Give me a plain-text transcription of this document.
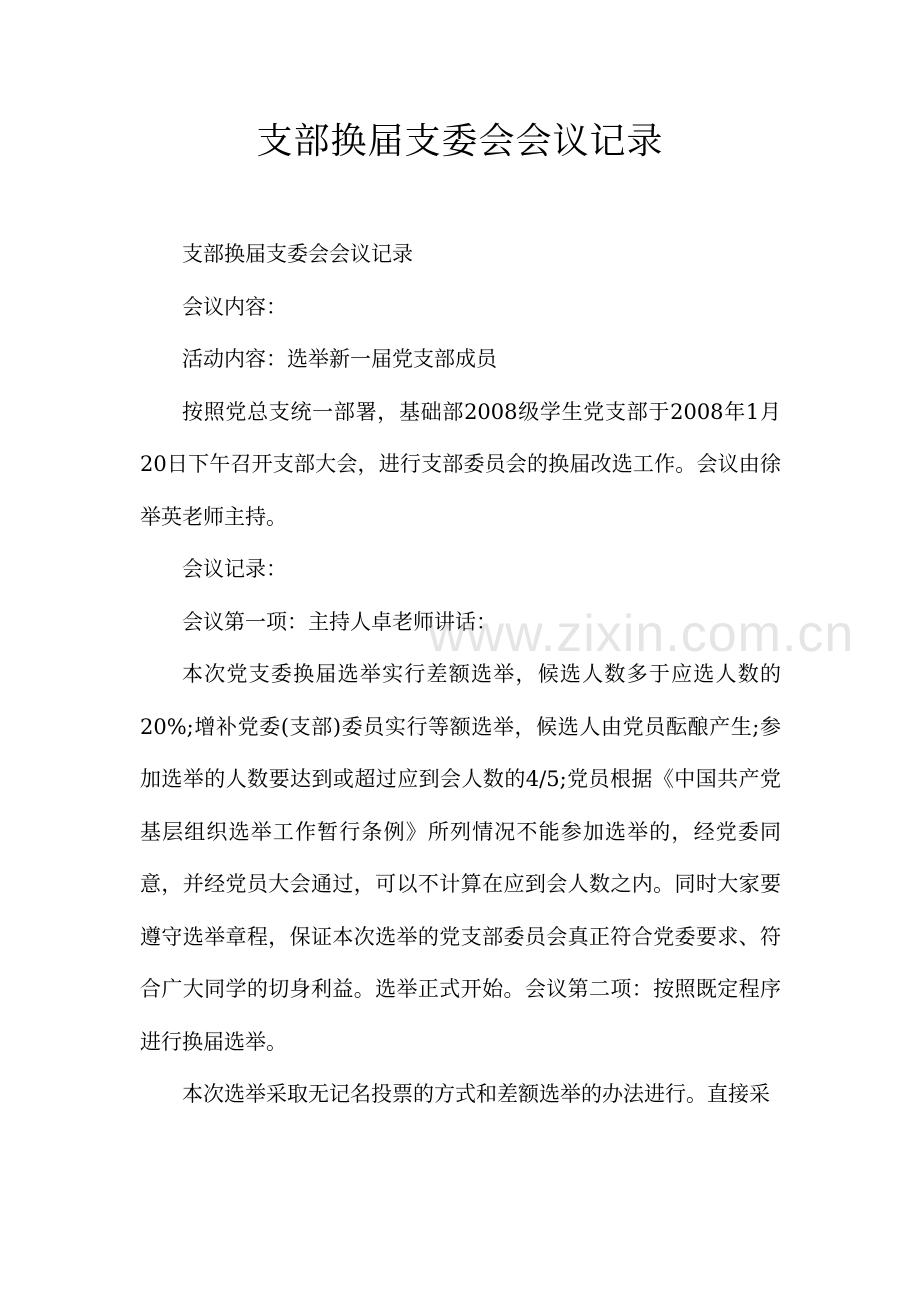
支部换届支委会会议记录

支部换届支委会会议记录

会议内容：

活动内容：选举新一届党支部成员

按照党总支统一部署，基础部2008级学生党支部于2008年1月20日下午召开支部大会，进行支部委员会的换届改选工作。会议由徐举英老师主持。

会议记录：

会议第一项：主持人卓老师讲话：

本次党支委换届选举实行差额选举，候选人数多于应选人数的20%;增补党委(支部)委员实行等额选举，候选人由党员酝酿产生;参加选举的人数要达到或超过应到会人数的4/5;党员根据《中国共产党基层组织选举工作暂行条例》所列情况不能参加选举的，经党委同意，并经党员大会通过，可以不计算在应到会人数之内。同时大家要遵守选举章程，保证本次选举的党支部委员会真正符合党委要求、符合广大同学的切身利益。选举正式开始。会议第二项：按照既定程序进行换届选举。

本次选举采取无记名投票的方式和差额选举的办法进行。直接采

www.zixin.com.cn
